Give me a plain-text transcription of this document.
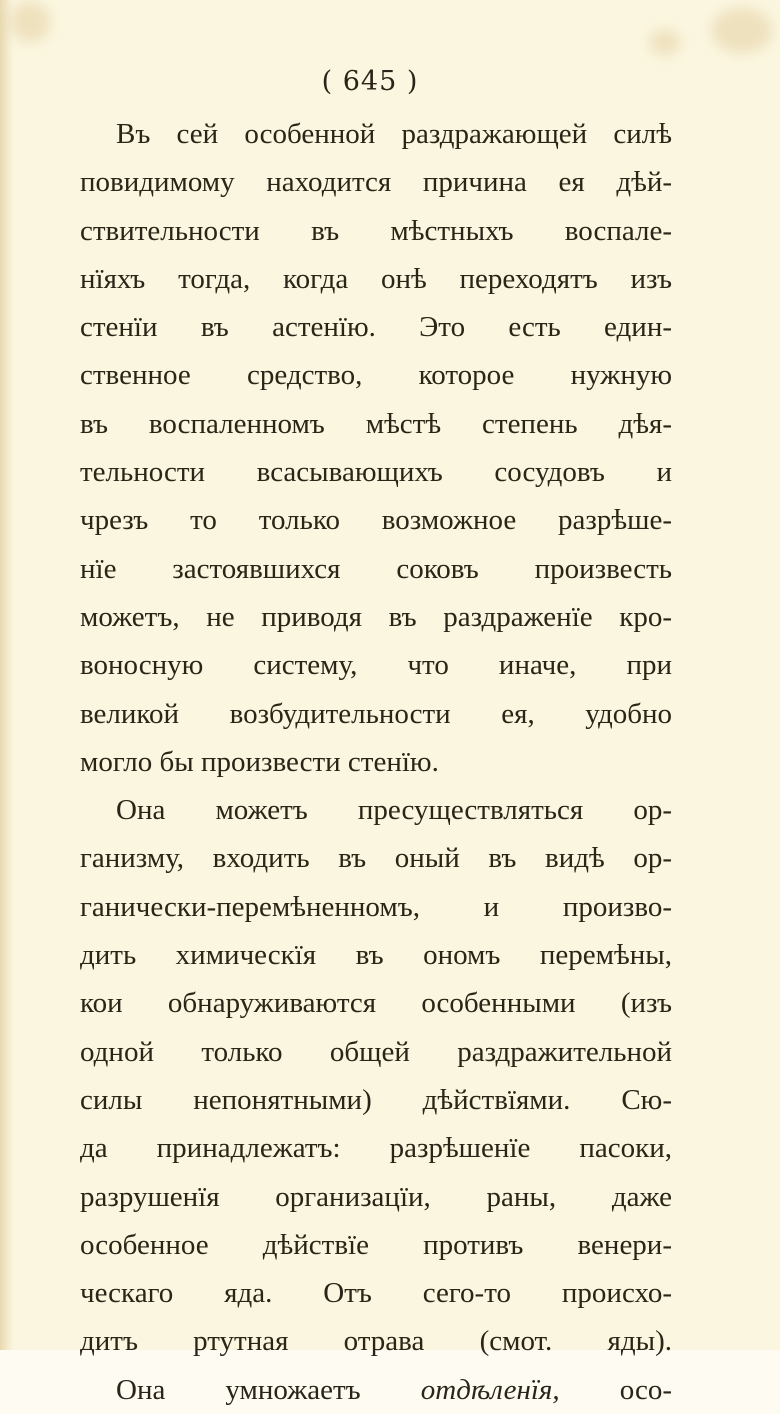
( 645 )
Въ сей особенной раздражающей силѣ
повидимому находится причина ея дѣй-
ствительности въ мѣстныхъ воспале-
нїяхъ тогда, когда онѣ переходятъ изъ
стенїи въ астенїю. Это есть един-
ственное средство, которое нужную
въ воспаленномъ мѣстѣ степень дѣя-
тельности всасывающихъ сосудовъ и
чрезъ то только возможное разрѣше-
нїе застоявшихся соковъ произвесть
можетъ, не приводя въ раздраженїе кро-
воносную систему, что иначе, при
великой возбудительности ея, удобно
могло бы произвести стенїю.
Она можетъ пресуществляться ор-
ганизму, входить въ оный въ видѣ ор-
ганически-перемѣненномъ, и произво-
дить химическїя въ ономъ перемѣны,
кои обнаруживаются особенными (изъ
одной только общей раздражительной
силы непонятными) дѣйствїями. Сю-
да принадлежатъ: разрѣшенїе пасоки,
разрушенїя организацїи, раны, даже
особенное дѣйствїе противъ венери-
ческаго яда. Отъ сего-то происхо-
дитъ ртутная отрава (смот. яды).
Она умножаетъ отдѣленїя, осо-
